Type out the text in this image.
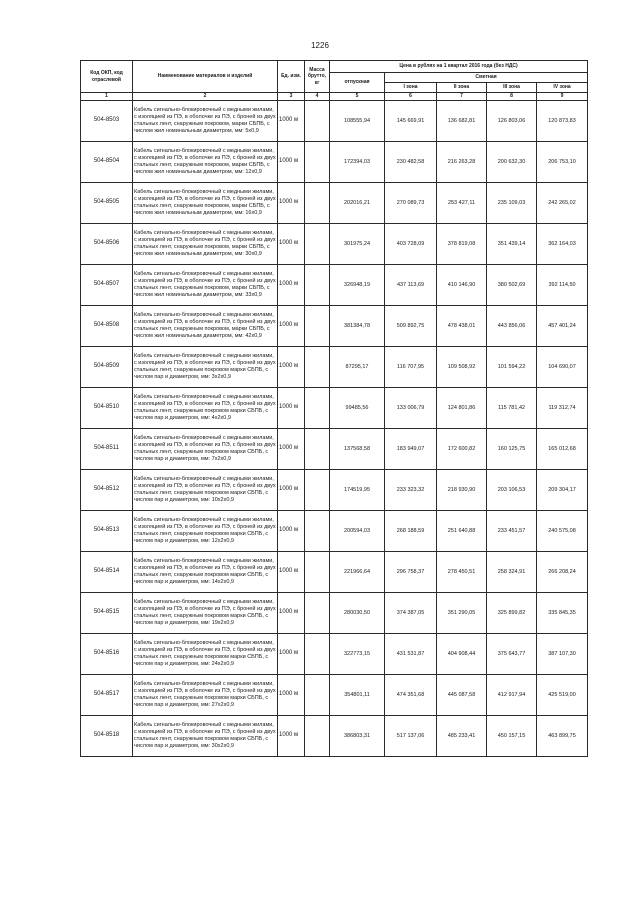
1226
Код ОКП, код отраслевой	Наименование материалов и изделий	Ед. изм.	Масса брутто, кг	Цена в рублях на 1 квартал 2016 года (без НДС)				
				отпускная	Сметная			
					I зона	II зона	III зона	IV зона
1	2	3	4	5	6	7	8	9
504-8503	Кабель сигнально-блокировочный с медными жилами, с изоляцией из ПЭ, в оболочке из ПЭ, с броней из двух стальных лент, снаружным покровом, марки СБПБ, с числом жил номинальным диаметром, мм: 5х0,9	1000 м		108555,94	145 669,91	136 682,81	126 803,06	120 873,83
504-8504	Кабель сигнально-блокировочный с медными жилами, с изоляцией из ПЭ, в оболочке из ПЭ, с броней из двух стальных лент, снаружным покровом, марки СБПБ, с числом жил номинальным диаметром, мм: 12х0,9	1000 м		172394,03	230 482,58	216 263,28	200 632,30	206 753,10
504-8505	Кабель сигнально-блокировочный с медными жилами, с изоляцией из ПЭ, в оболочке из ПЭ, с броней из двух стальных лент, снаружным покровом, марки СБПБ, с числом жил номинальным диаметром, мм: 16х0,9	1000 м		202016,21	270 089,73	253 427,11	235 109,03	242 265,02
504-8506	Кабель сигнально-блокировочный с медными жилами, с изоляцией из ПЭ, в оболочке из ПЭ, с броней из двух стальных лент, снаружным покровом, марки СБПБ, с числом жил номинальным диаметром, мм: 30х0,9	1000 м		301975,24	403 728,09	378 819,08	351 439,14	362 164,03
504-8507	Кабель сигнально-блокировочный с медными жилами, с изоляцией из ПЭ, в оболочке из ПЭ, с броней из двух стальных лент, снаружным покровом, марки СБПБ, с числом жил номинальным диаметром, мм: 33х0,9	1000 м		326948,19	437 113,69	410 146,90	380 502,69	392 114,50
504-8508	Кабель сигнально-блокировочный с медными жилами, с изоляцией из ПЭ, в оболочке из ПЭ, с броней из двух стальных лент, снаружным покровом, марки СБПБ, с числом жил номинальным диаметром, мм: 42х0,9	1000 м		381384,78	509 892,75	478 438,01	443 856,06	457 401,24
504-8509	Кабель сигнально-блокировочный с медными жилами, с изоляцией из ПЭ, в оболочке из ПЭ, с броней из двух стальных лент, снаружным покровом марки СБПБ, с числом пар и диаметром, мм: 3х2х0,9	1000 м		87295,17	116 707,95	109 508,92	101 594,22	104 690,07
504-8510	Кабель сигнально-блокировочный с медными жилами, с изоляцией из ПЭ, в оболочке из ПЭ, с броней из двух стальных лент, снаружным покровом марки СБПБ, с числом пар и диаметром, мм: 4х2х0,9	1000 м		99485,56	133 006,79	124 801,86	115 781,42	119 312,74
504-8511	Кабель сигнально-блокировочный с медными жилами, с изоляцией из ПЭ, в оболочке из ПЭ, с броней из двух стальных лент, снаружным покровом марки СБПБ, с числом пар и диаметром, мм: 7х2х0,9	1000 м		137568,58	183 949,07	172 600,82	160 125,75	165 012,68
504-8512	Кабель сигнально-блокировочный с медными жилами, с изоляцией из ПЭ, в оболочке из ПЭ, с броней из двух стальных лент, снаружным покровом марки СБПБ, с числом пар и диаметром, мм: 10х2х0,9	1000 м		174519,95	233 323,32	218 930,90	203 106,53	209 304,17
504-8513	Кабель сигнально-блокировочный с медными жилами, с изоляцией из ПЭ, в оболочке из ПЭ, с броней из двух стальных лент, снаружным покровом марки СБПБ, с числом пар и диаметром, мм: 12х2х0,9	1000 м		200594,03	268 188,59	251 640,88	233 451,57	240 575,08
504-8514	Кабель сигнально-блокировочный с медными жилами, с изоляцией из ПЭ, в оболочке из ПЭ, с броней из двух стальных лент, снаружным покровом марки СБПБ, с числом пар и диаметром, мм: 14х2х0,9	1000 м		221966,64	296 758,37	278 450,51	258 324,91	266 208,24
504-8515	Кабель сигнально-блокировочный с медными жилами, с изоляцией из ПЭ, в оболочке из ПЭ, с броней из двух стальных лент, снаружным покровом марки СБПБ, с числом пар и диаметром, мм: 19х2х0,9	1000 м		280030,50	374 387,05	351 290,05	325 899,82	335 845,35
504-8516	Кабель сигнально-блокировочный с медными жилами, с изоляцией из ПЭ, в оболочке из ПЭ, с броней из двух стальных лент, снаружным покровом марки СБПБ, с числом пар и диаметром, мм: 24х2х0,9	1000 м		322773,15	431 531,87	404 908,44	375 643,77	387 107,30
504-8517	Кабель сигнально-блокировочный с медными жилами, с изоляцией из ПЭ, в оболочке из ПЭ, с броней из двух стальных лент, снаружным покровом марки СБПБ, с числом пар и диаметром, мм: 27х2х0,9	1000 м		354801,11	474 351,68	445 087,58	412 917,94	425 519,00
504-8518	Кабель сигнально-блокировочный с медными жилами, с изоляцией из ПЭ, в оболочке из ПЭ, с броней из двух стальных лент, снаружным покровом марки СБПБ, с числом пар и диаметром, мм: 30х2х0,9	1000 м		386803,31	517 137,06	485 233,41	450 157,15	463 899,75
